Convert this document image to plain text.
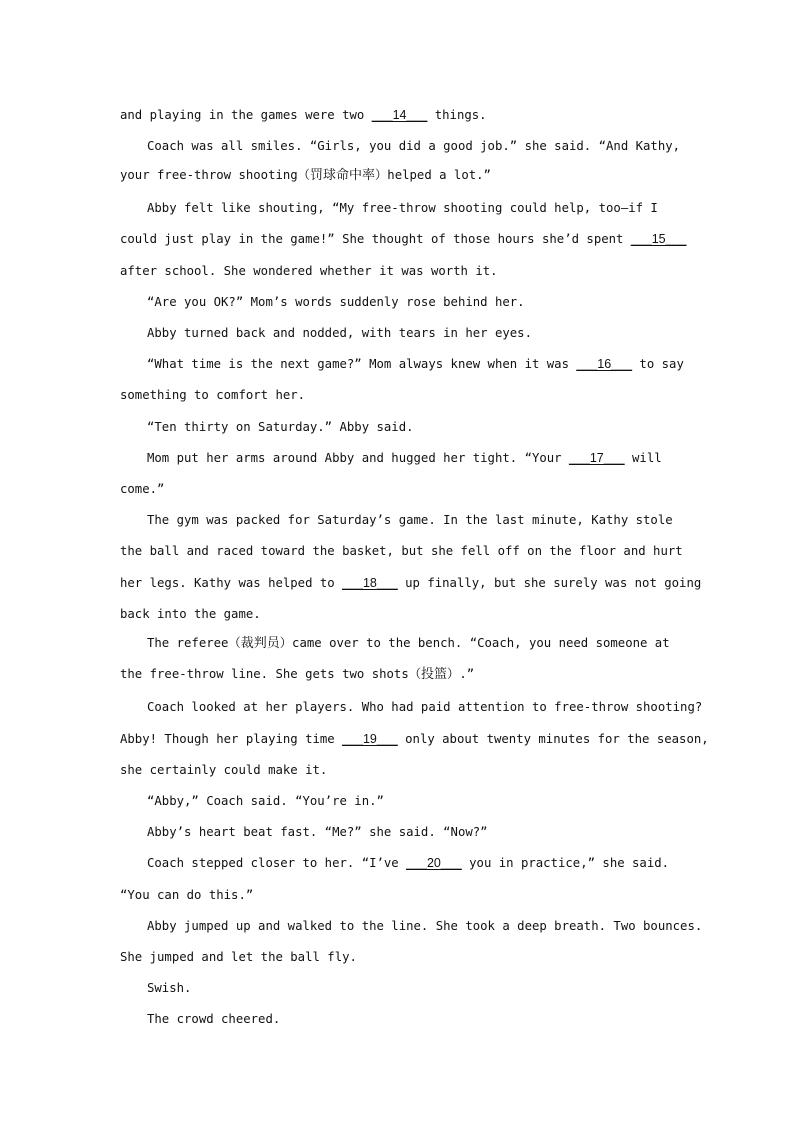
and playing in the games were two ___14___ things.
Coach was all smiles. “Girls, you did a good job.” she said. “And Kathy,
your free-throw shooting（罚球命中率）helped a lot.”
Abby felt like shouting, “My free-throw shooting could help, too—if I
could just play in the game!” She thought of those hours she’d spent ___15___
after school. She wondered whether it was worth it.
“Are you OK?” Mom’s words suddenly rose behind her.
Abby turned back and nodded, with tears in her eyes.
“What time is the next game?” Mom always knew when it was ___16___ to say
something to comfort her.
“Ten thirty on Saturday.” Abby said.
Mom put her arms around Abby and hugged her tight. “Your ___17___ will
come.”
The gym was packed for Saturday’s game. In the last minute, Kathy stole
the ball and raced toward the basket, but she fell off on the floor and hurt
her legs. Kathy was helped to ___18___ up finally, but she surely was not going
back into the game.
The referee（裁判员）came over to the bench. “Coach, you need someone at
the free-throw line. She gets two shots（投篮）.”
Coach looked at her players. Who had paid attention to free-throw shooting?
Abby! Though her playing time ___19___ only about twenty minutes for the season,
she certainly could make it.
“Abby,” Coach said. “You’re in.”
Abby’s heart beat fast. “Me?” she said. “Now?”
Coach stepped closer to her. “I’ve ___20___ you in practice,” she said.
“You can do this.”
Abby jumped up and walked to the line. She took a deep breath. Two bounces.
She jumped and let the ball fly.
Swish.
The crowd cheered.
